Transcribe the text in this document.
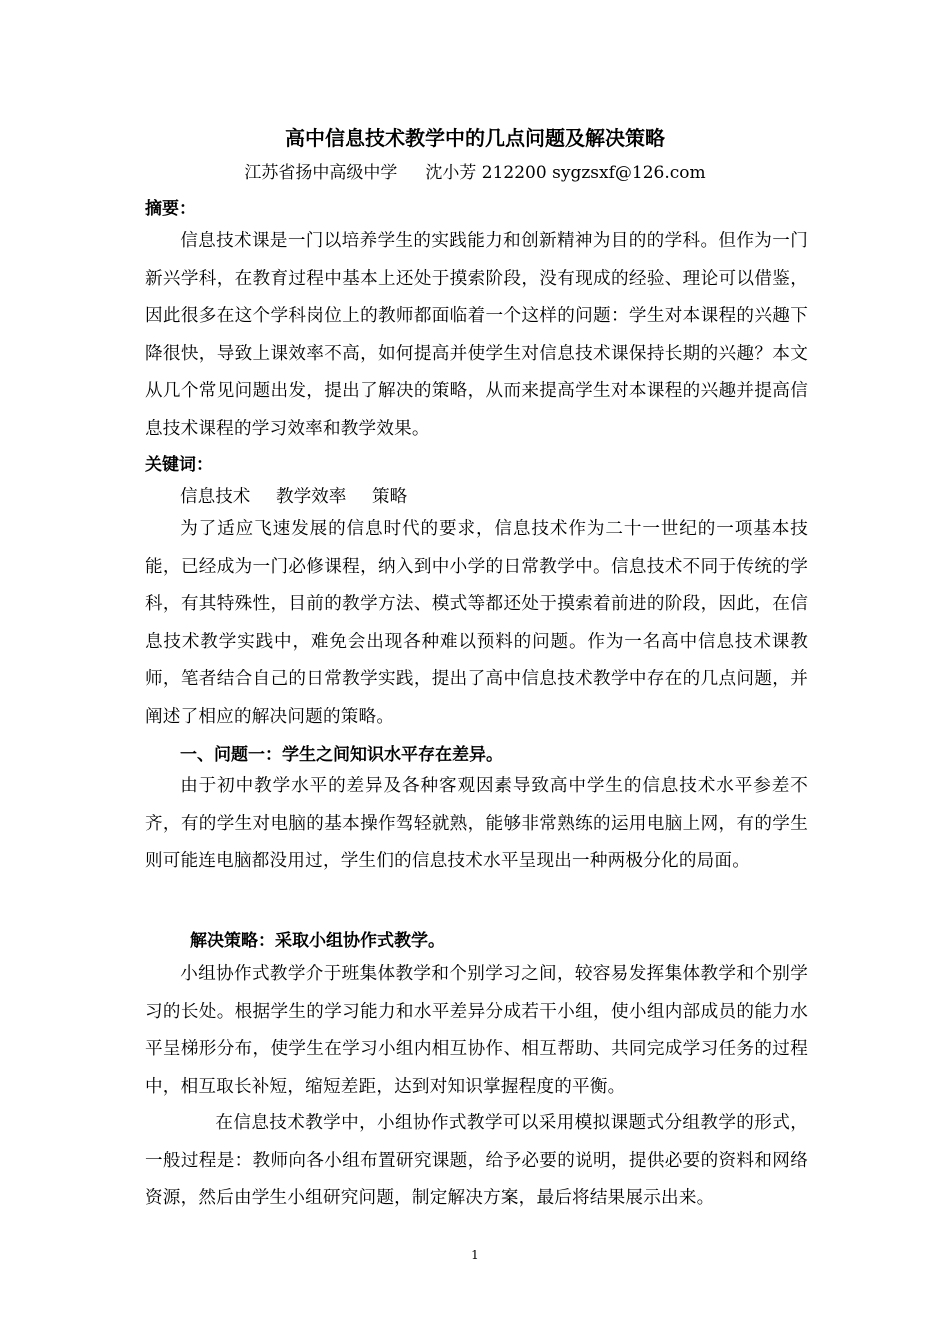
高中信息技术教学中的几点问题及解决策略
江苏省扬中高级中学 沈小芳 212200 sygzsxf@126.com
摘要：
信息技术课是一门以培养学生的实践能力和创新精神为目的的学科。但作为一门新兴学科，在教育过程中基本上还处于摸索阶段，没有现成的经验、理论可以借鉴，因此很多在这个学科岗位上的教师都面临着一个这样的问题：学生对本课程的兴趣下降很快，导致上课效率不高，如何提高并使学生对信息技术课保持长期的兴趣？本文从几个常见问题出发，提出了解决的策略，从而来提高学生对本课程的兴趣并提高信息技术课程的学习效率和教学效果。
关键词：
信息技术 教学效率 策略
为了适应飞速发展的信息时代的要求，信息技术作为二十一世纪的一项基本技能，已经成为一门必修课程，纳入到中小学的日常教学中。信息技术不同于传统的学科，有其特殊性，目前的教学方法、模式等都还处于摸索着前进的阶段，因此，在信息技术教学实践中，难免会出现各种难以预料的问题。作为一名高中信息技术课教师，笔者结合自己的日常教学实践，提出了高中信息技术教学中存在的几点问题，并阐述了相应的解决问题的策略。
一、问题一：学生之间知识水平存在差异。
由于初中教学水平的差异及各种客观因素导致高中学生的信息技术水平参差不齐，有的学生对电脑的基本操作驾轻就熟，能够非常熟练的运用电脑上网，有的学生则可能连电脑都没用过，学生们的信息技术水平呈现出一种两极分化的局面。
解决策略：采取小组协作式教学。
小组协作式教学介于班集体教学和个别学习之间，较容易发挥集体教学和个别学习的长处。根据学生的学习能力和水平差异分成若干小组，使小组内部成员的能力水平呈梯形分布，使学生在学习小组内相互协作、相互帮助、共同完成学习任务的过程中，相互取长补短，缩短差距，达到对知识掌握程度的平衡。
在信息技术教学中，小组协作式教学可以采用模拟课题式分组教学的形式，一般过程是：教师向各小组布置研究课题，给予必要的说明，提供必要的资料和网络资源，然后由学生小组研究问题，制定解决方案，最后将结果展示出来。
1
